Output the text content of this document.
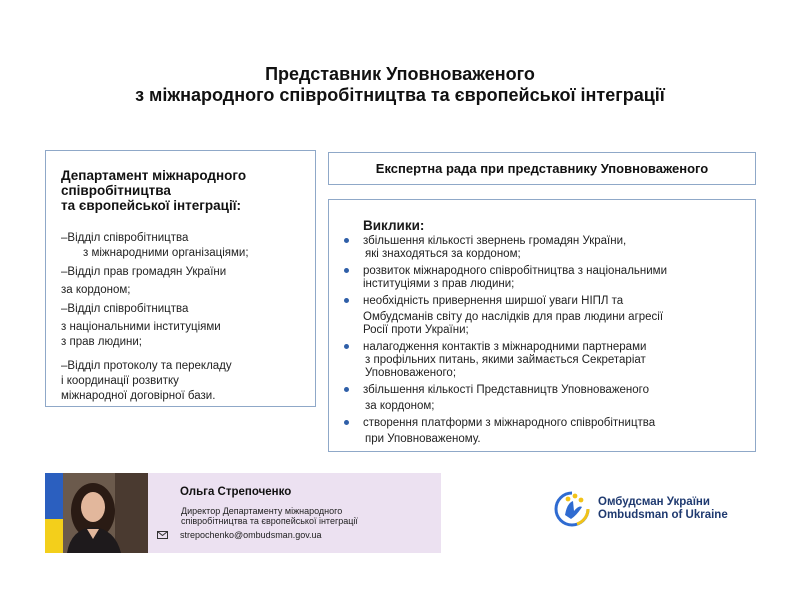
Представник Уповноваженого
з міжнародного співробітництва та європейської інтеграції
Департамент міжнародного
співробітництва
та європейської інтеграції:
–Відділ співробітництва
з міжнародними організаціями;
–Відділ прав громадян України
за кордоном;
–Відділ співробітництва
з національними інституціями
з прав людини;
–Відділ протоколу та перекладу
і координації розвитку
міжнародної договірної бази.
Експертна рада при представнику Уповноваженого
Виклики:
збільшення кількості звернень громадян України,
які знаходяться за кордоном;
розвиток міжнародного співробітництва з національними
інституціями з прав людини;
необхідність привернення ширшої уваги НІПЛ та
Омбудсманів світу до наслідків для прав людини агресії
Росії проти України;
налагодження контактів з міжнародними партнерами
з профільних питань, якими займається Секретаріат
Уповноваженого;
збільшення кількості Представництв Уповноваженого
за кордоном;
створення платформи з міжнародного співробітництва
при Уповноваженому.
Ольга Стрепоченко
Директор Департаменту міжнародного
співробітництва та європейської інтеграції
strepochenko@ombudsman.gov.ua
Омбудсман України
Ombudsman of Ukraine
